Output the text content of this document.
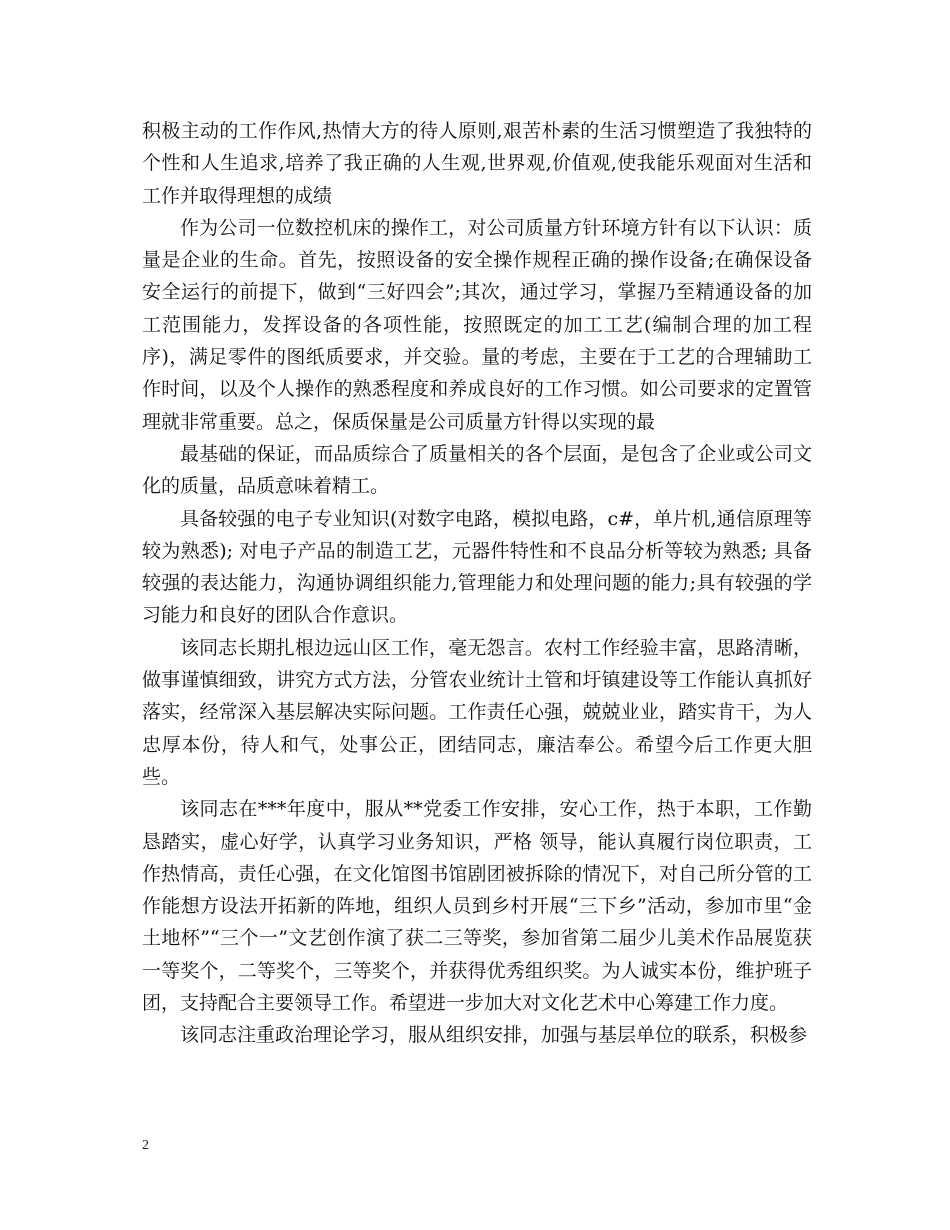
积极主动的工作作风,热情大方的待人原则,艰苦朴素的生活习惯塑造了我独特的个性和人生追求,培养了我正确的人生观,世界观,价值观,使我能乐观面对生活和工作并取得理想的成绩

作为公司一位数控机床的操作工，对公司质量方针环境方针有以下认识：质量是企业的生命。首先，按照设备的安全操作规程正确的操作设备;在确保设备安全运行的前提下，做到“三好四会”;其次，通过学习，掌握乃至精通设备的加工范围能力，发挥设备的各项性能，按照既定的加工工艺(编制合理的加工程序)，满足零件的图纸质要求，并交验。量的考虑，主要在于工艺的合理辅助工作时间，以及个人操作的熟悉程度和养成良好的工作习惯。如公司要求的定置管理就非常重要。总之，保质保量是公司质量方针得以实现的最

最基础的保证，而品质综合了质量相关的各个层面，是包含了企业或公司文化的质量，品质意味着精工。

具备较强的电子专业知识(对数字电路，模拟电路，c#，单片机,通信原理等较为熟悉); 对电子产品的制造工艺，元器件特性和不良品分析等较为熟悉; 具备较强的表达能力，沟通协调组织能力,管理能力和处理问题的能力;具有较强的学习能力和良好的团队合作意识。

该同志长期扎根边远山区工作，毫无怨言。农村工作经验丰富，思路清晰，做事谨慎细致，讲究方式方法，分管农业统计土管和圩镇建设等工作能认真抓好落实，经常深入基层解决实际问题。工作责任心强，兢兢业业，踏实肯干，为人忠厚本份，待人和气，处事公正，团结同志，廉洁奉公。希望今后工作更大胆些。

该同志在***年度中，服从**党委工作安排，安心工作，热于本职，工作勤恳踏实，虚心好学，认真学习业务知识，严格 领导，能认真履行岗位职责，工作热情高，责任心强，在文化馆图书馆剧团被拆除的情况下，对自己所分管的工作能想方设法开拓新的阵地，组织人员到乡村开展“三下乡”活动，参加市里“金土地杯”“三个一”文艺创作演了获二三等奖，参加省第二届少儿美术作品展览获一等奖个，二等奖个，三等奖个，并获得优秀组织奖。为人诚实本份，维护班子团，支持配合主要领导工作。希望进一步加大对文化艺术中心筹建工作力度。

该同志注重政治理论学习，服从组织安排，加强与基层单位的联系，积极参

2
